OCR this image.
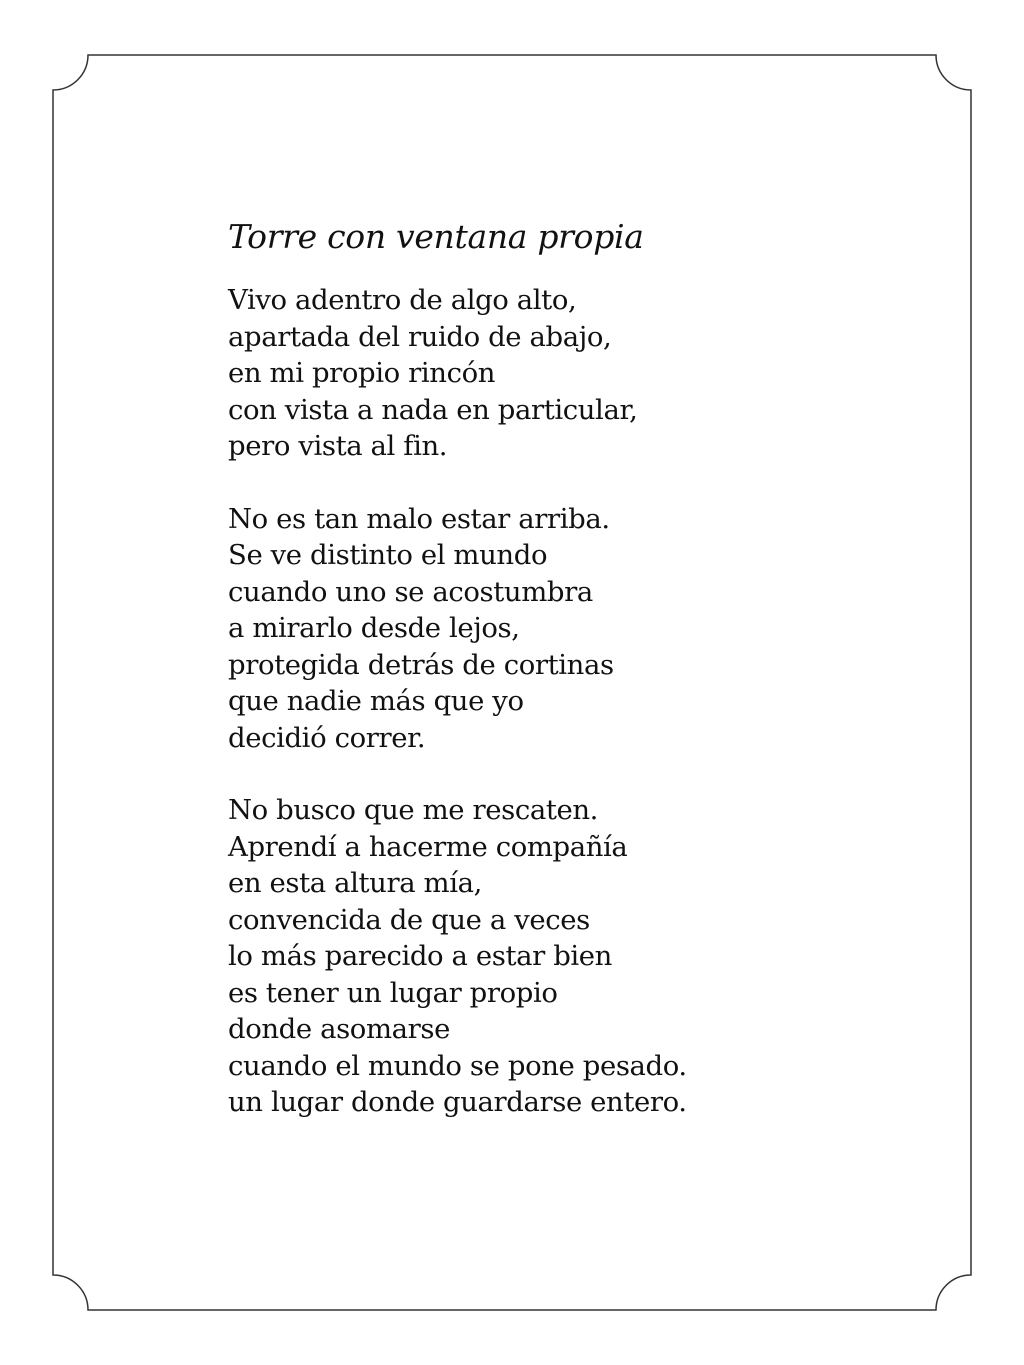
Torre con ventana propia
Vivo adentro de algo alto,
apartada del ruido de abajo,
en mi propio rincón
con vista a nada en particular,
pero vista al fin.
No es tan malo estar arriba.
Se ve distinto el mundo
cuando uno se acostumbra
a mirarlo desde lejos,
protegida detrás de cortinas
que nadie más que yo
decidió correr.
No busco que me rescaten.
Aprendí a hacerme compañía
en esta altura mía,
convencida de que a veces
lo más parecido a estar bien
es tener un lugar propio
donde asomarse
cuando el mundo se pone pesado.
un lugar donde guardarse entero.
